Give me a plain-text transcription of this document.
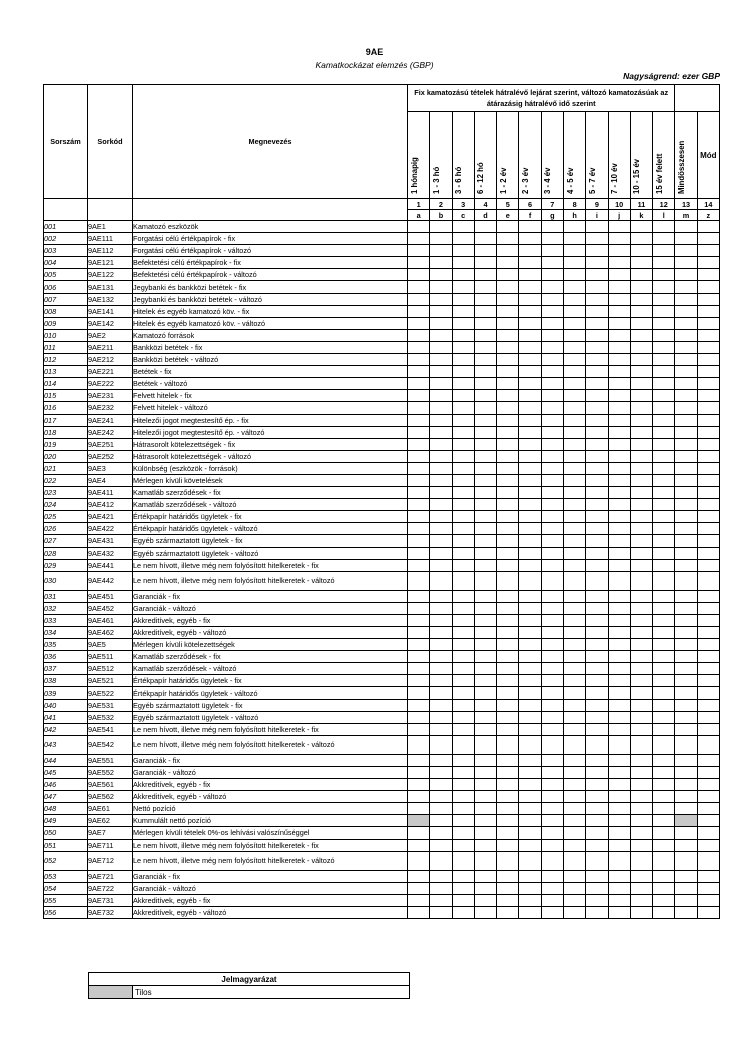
9AE
Kamatkockázat elemzés (GBP)
Nagyságrend: ezer GBP
Sorszám	Sorkód	Megnevezés	Fix kamatozású tételek hátralévő lejárat szerint, változó kamatozásúak az átárazásig hátralévő idő szerint													

			1 hónapig	1 - 3 hó	3 - 6 hó	6 - 12 hó	1 - 2 év	2 - 3 év	3 - 4 év	4 - 5 év	5 - 7 év	7 - 10 év	10 - 15 év	15 év felett	Mindösszesen	Mód
			1	2	3	4	5	6	7	8	9	10	11	12	13	14
			a	b	c	d	e	f	g	h	i	j	k	l	m	z
001	9AE1	Kamatozó eszközök														
002	9AE111	Forgatási célú értékpapírok - fix														
003	9AE112	Forgatási célú értékpapírok - változó														
004	9AE121	Befektetési célú értékpapírok - fix														
005	9AE122	Befektetési célú értékpapírok - változó														
006	9AE131	Jegybanki és bankközi betétek - fix														
007	9AE132	Jegybanki és bankközi betétek - változó														
008	9AE141	Hitelek és egyéb kamatozó köv. - fix														
009	9AE142	Hitelek és egyéb kamatozó köv. - változó														
010	9AE2	Kamatozó források														
011	9AE211	Bankközi betétek - fix														
012	9AE212	Bankközi betétek - változó														
013	9AE221	Betétek - fix														
014	9AE222	Betétek - változó														
015	9AE231	Felvett hitelek - fix														
016	9AE232	Felvett hitelek - változó														
017	9AE241	Hitelezői jogot megtestesítő ép. - fix														
018	9AE242	Hitelezői jogot megtestesítő ép. - változó														
019	9AE251	Hátrasorolt kötelezettségek - fix														
020	9AE252	Hátrasorolt kötelezettségek - változó														
021	9AE3	Különbség (eszközök - források)														
022	9AE4	Mérlegen kívüli követelések														
023	9AE411	Kamatláb szerződések - fix														
024	9AE412	Kamatláb szerződések - változó														
025	9AE421	Értékpapír határidős ügyletek - fix														
026	9AE422	Értékpapír határidős ügyletek - változó														
027	9AE431	Egyéb származtatott ügyletek - fix														
028	9AE432	Egyéb származtatott ügyletek - változó														
029	9AE441	Le nem hívott, illetve még nem folyósított hitelkeretek - fix														
030	9AE442	Le nem hívott, illetve még nem folyósított hitelkeretek - változó														
031	9AE451	Garanciák - fix														
032	9AE452	Garanciák - változó														
033	9AE461	Akkreditívek, egyéb - fix														
034	9AE462	Akkreditívek, egyéb - változó														
035	9AE5	Mérlegen kívüli kötelezettségek														
036	9AE511	Kamatláb szerződések - fix														
037	9AE512	Kamatláb szerződések - változó														
038	9AE521	Értékpapír határidős ügyletek - fix														
039	9AE522	Értékpapír határidős ügyletek - változó														
040	9AE531	Egyéb származtatott ügyletek - fix														
041	9AE532	Egyéb származtatott ügyletek - változó														
042	9AE541	Le nem hívott, illetve még nem folyósított hitelkeretek - fix														
043	9AE542	Le nem hívott, illetve még nem folyósított hitelkeretek - változó														
044	9AE551	Garanciák - fix														
045	9AE552	Garanciák - változó														
046	9AE561	Akkreditívek, egyéb - fix														
047	9AE562	Akkreditívek, egyéb - változó														
048	9AE61	Nettó pozíció														
049	9AE62	Kummulált nettó pozíció														
050	9AE7	Mérlegen kívüli tételek 0%-os lehívási valószínűséggel														
051	9AE711	Le nem hívott, illetve még nem folyósított hitelkeretek - fix														
052	9AE712	Le nem hívott, illetve még nem folyósított hitelkeretek - változó														
053	9AE721	Garanciák - fix														
054	9AE722	Garanciák - változó														
055	9AE731	Akkreditívek, egyéb - fix														
056	9AE732	Akkreditívek, egyéb - változó														
Jelmagyarázat
	Tilos
